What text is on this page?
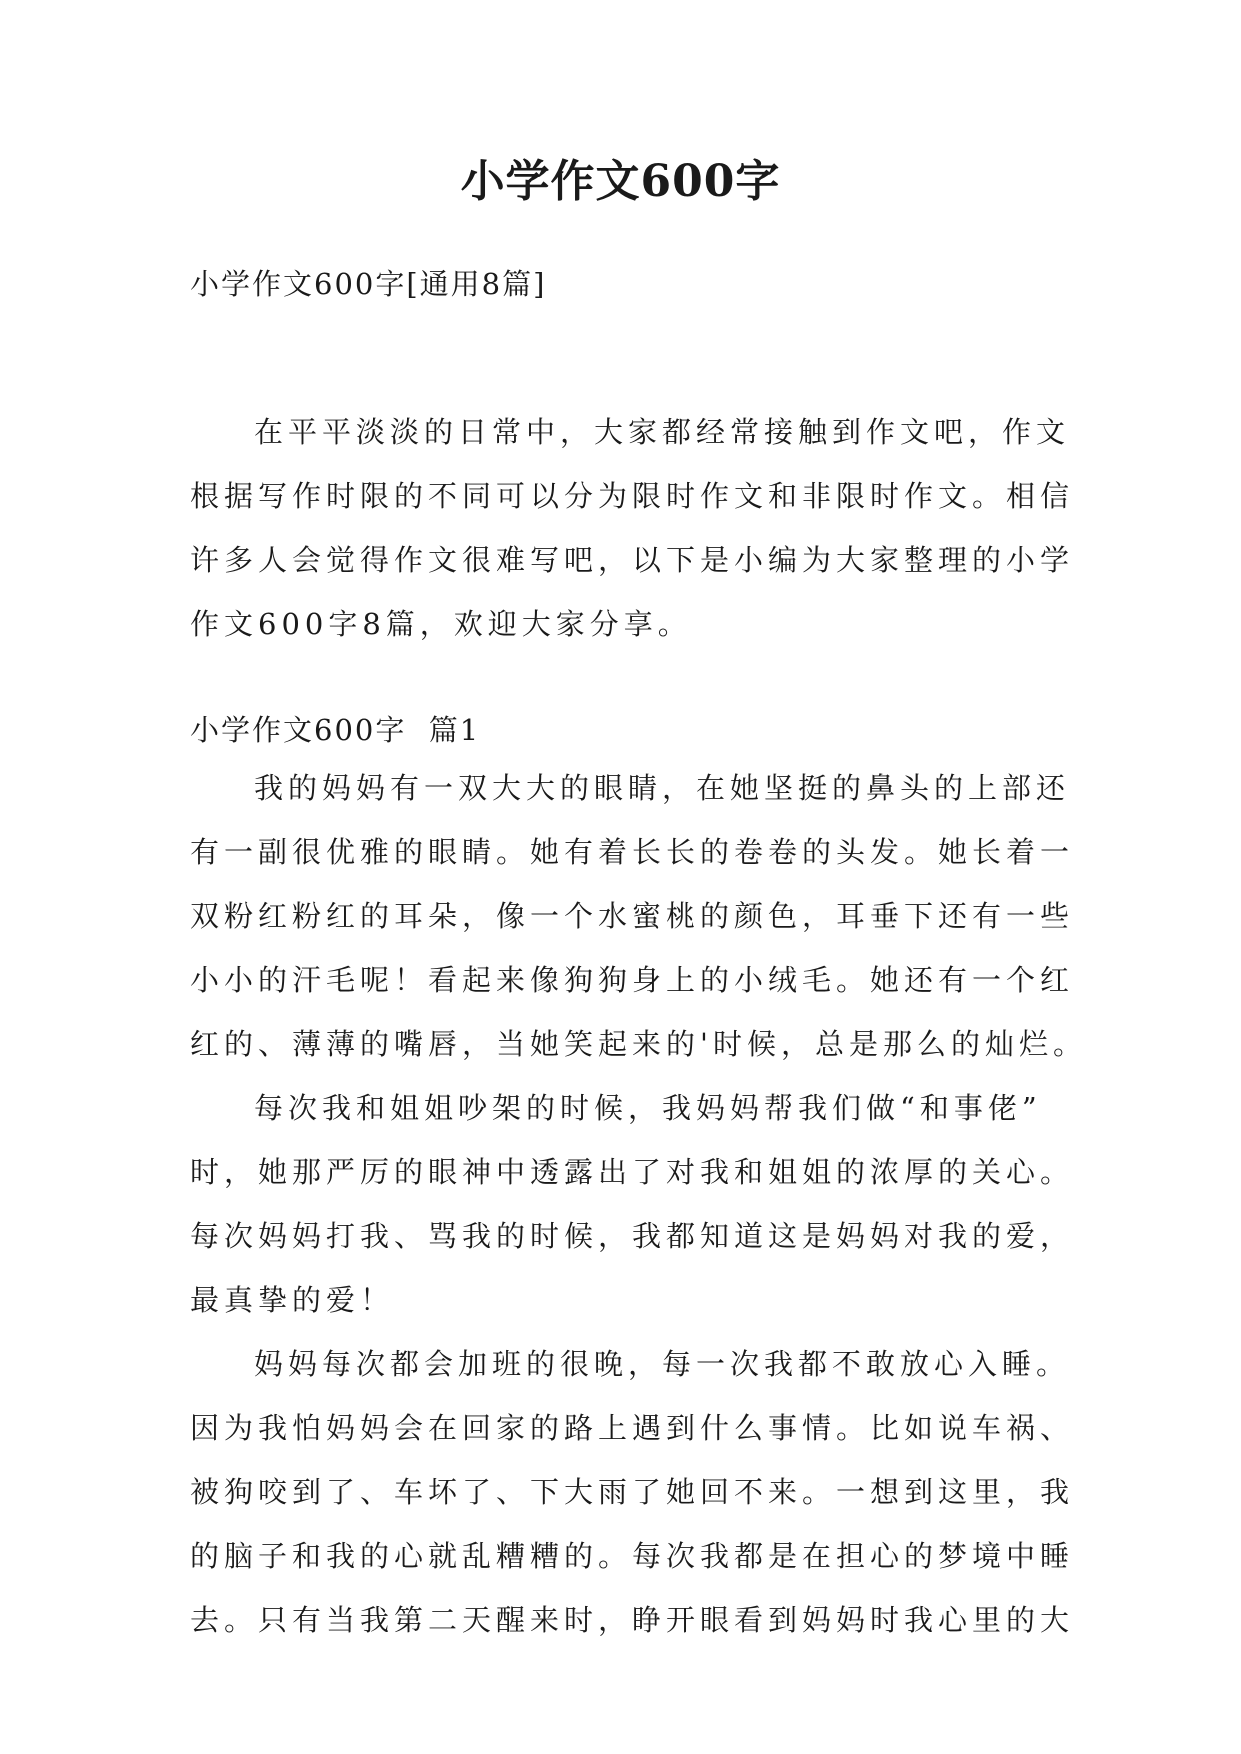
小学作文600字
小学作文600字[通用8篇]
在平平淡淡的日常中，大家都经常接触到作文吧，作文
根据写作时限的不同可以分为限时作文和非限时作文。相信
许多人会觉得作文很难写吧，以下是小编为大家整理的小学
作文600字8篇，欢迎大家分享。
小学作文600字  篇1
我的妈妈有一双大大的眼睛，在她坚挺的鼻头的上部还
有一副很优雅的眼睛。她有着长长的卷卷的头发。她长着一
双粉红粉红的耳朵，像一个水蜜桃的颜色，耳垂下还有一些
小小的汗毛呢！看起来像狗狗身上的小绒毛。她还有一个红
红的、薄薄的嘴唇，当她笑起来的'时候，总是那么的灿烂。
每次我和姐姐吵架的时候，我妈妈帮我们做“和事佬”
时，她那严厉的眼神中透露出了对我和姐姐的浓厚的关心。
每次妈妈打我、骂我的时候，我都知道这是妈妈对我的爱，
最真挚的爱！
妈妈每次都会加班的很晚，每一次我都不敢放心入睡。
因为我怕妈妈会在回家的路上遇到什么事情。比如说车祸、
被狗咬到了、车坏了、下大雨了她回不来。一想到这里，我
的脑子和我的心就乱糟糟的。每次我都是在担心的梦境中睡
去。只有当我第二天醒来时，睁开眼看到妈妈时我心里的大
